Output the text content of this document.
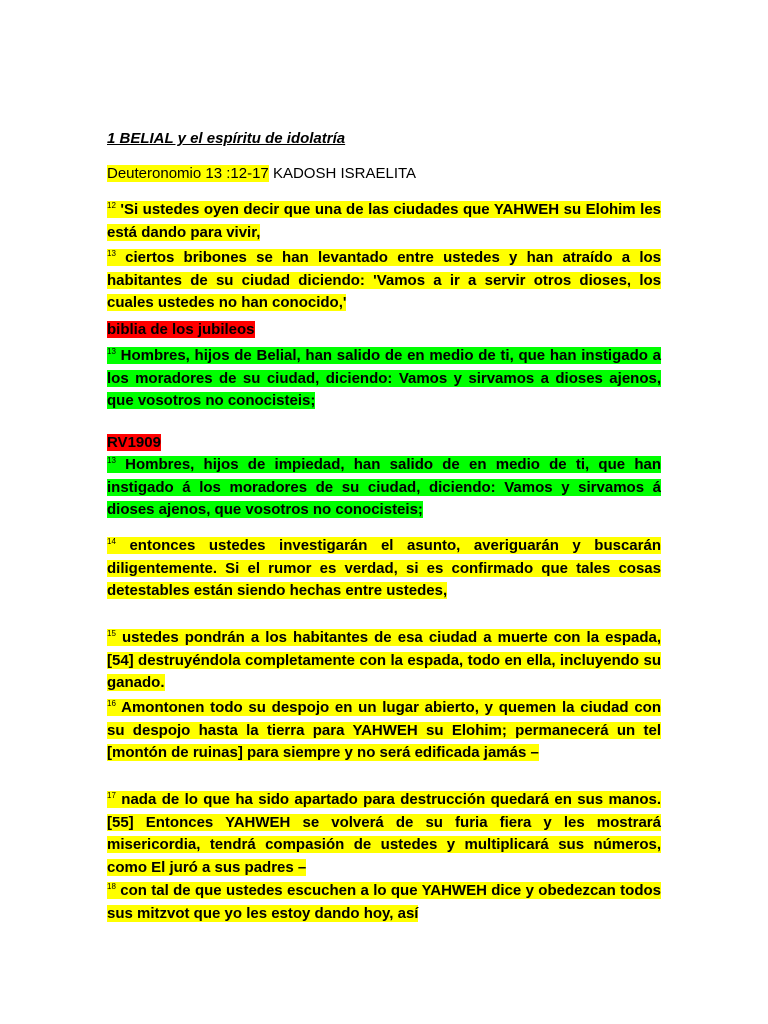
1 BELIAL y el espíritu de idolatría
Deuteronomio 13 :12-17 KADOSH ISRAELITA

$^{12}$ 'Si ustedes oyen decir que una de las ciudades que YAHWEH su Elohim les está dando para vivir,

$^{13}$ ciertos bribones se han levantado entre ustedes y han atraído a los habitantes de su ciudad diciendo: 'Vamos a ir a servir otros dioses, los cuales ustedes no han conocido,'

biblia de los jubileos

$^{13}$ Hombres, hijos de Belial, han salido de en medio de ti, que han instigado a los moradores de su ciudad, diciendo: Vamos y sirvamos a dioses ajenos, que vosotros no conocisteis;

RV1909

$^{13}$ Hombres, hijos de impiedad, han salido de en medio de ti, que han instigado á los moradores de su ciudad, diciendo: Vamos y sirvamos á dioses ajenos, que vosotros no conocisteis;

$^{14}$ entonces ustedes investigarán el asunto, averiguarán y buscarán diligentemente. Si el rumor es verdad, si es confirmado que tales cosas detestables están siendo hechas entre ustedes,

$^{15}$ ustedes pondrán a los habitantes de esa ciudad a muerte con la espada,[54] destruyéndola completamente con la espada, todo en ella, incluyendo su ganado.

$^{16}$ Amontonen todo su despojo en un lugar abierto, y quemen la ciudad con su despojo hasta la tierra para YAHWEH su Elohim; permanecerá un tel [montón de ruinas] para siempre y no será edificada jamás –

$^{17}$ nada de lo que ha sido apartado para destrucción quedará en sus manos.[55] Entonces YAHWEH se volverá de su furia fiera y les mostrará misericordia, tendrá compasión de ustedes y multiplicará sus números, como El juró a sus padres –

$^{18}$ con tal de que ustedes escuchen a lo que YAHWEH dice y obedezcan todos sus mitzvot que yo les estoy dando hoy, así
